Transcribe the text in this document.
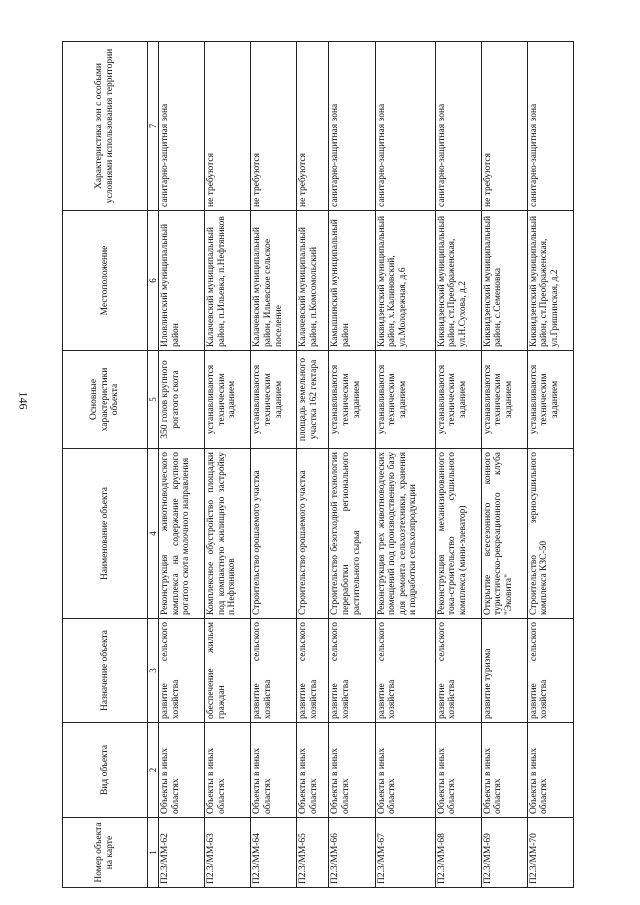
146
Номер объекта на карте	Вид объекта	Назначение объекта	Наименование объекта	Основные характеристики объекта	Местоположение	Характеристика зон с особыми условиями использования территории
1	2	3	4	5	6	7
П2.3/ММ-62	Объекты в иных областях	развитие сельского хозяйства	Реконструкция животноводческого комплекса на содержание крупного рогатого скота молочного направления	350 голов крупного рогатого скота	Иловлинский муниципальный район	санитарно-защитная зона
П2.3/ММ-63	Объекты в иных областях	обеспечение жильем граждан	Комплексное обустройство площадки под компактную жилищную застройку п.Нефтяников	устанавливаются техническим заданием	Калачевский муниципальный район, п.Ильевка, п.Нефтяников	не требуются
П2.3/ММ-64	Объекты в иных областях	развитие сельского хозяйства	Строительство орошаемого участка	устанавливаются техническим заданием	Калачевский муниципальный район, Ильевское сельское поселение	не требуются
П2.3/ММ-65	Объекты в иных областях	развитие сельского хозяйства	Строительство орошаемого участка	площадь земельного участка 162 гектара	Калачевский муниципальный район, п.Комсомольский	не требуются
П2.3/ММ-66	Объекты в иных областях	развитие сельского хозяйства	Строительство безотходной технологии переработки регионального растительного сырья	устанавливаются техническим заданием	Камышинский муниципальный район	санитарно-защитная зона
П2.3/ММ-67	Объекты в иных областях	развитие сельского хозяйства	Реконструкция трех животноводческих помещений под производственную базу для ремонта сельхозтехники, хранения и подработки сельхозпродукции	устанавливаются техническим заданием	Киквидзенский муниципальный район, х.Калиновский, ул.Молодежная, д.6	санитарно-защитная зона
П2.3/ММ-68	Объекты в иных областях	развитие сельского хозяйства	Реконструкция механизированного тока-строительство сушильного комплекса (мини-элеватор)	устанавливаются техническим заданием	Киквидзенский муниципальный район, ст.Преображенская, ул.Н.Сухова, д.2	санитарно-защитная зона
П2.3/ММ-69	Объекты в иных областях	развитие туризма	Открытие всесезонного конного туристическо-рекреационного клуба "Эковита"	устанавливаются техническим заданием	Киквидзенский муниципальный район, с.Семеновка	не требуются
П2.3/ММ-70	Объекты в иных областях	развитие сельского хозяйства	Строительство зерносушильного комплекса КЗС-50	устанавливаются техническим заданием	Киквидзенский муниципальный район, ст.Преображенская, ул.Гришинская, д.2	санитарно-защитная зона
